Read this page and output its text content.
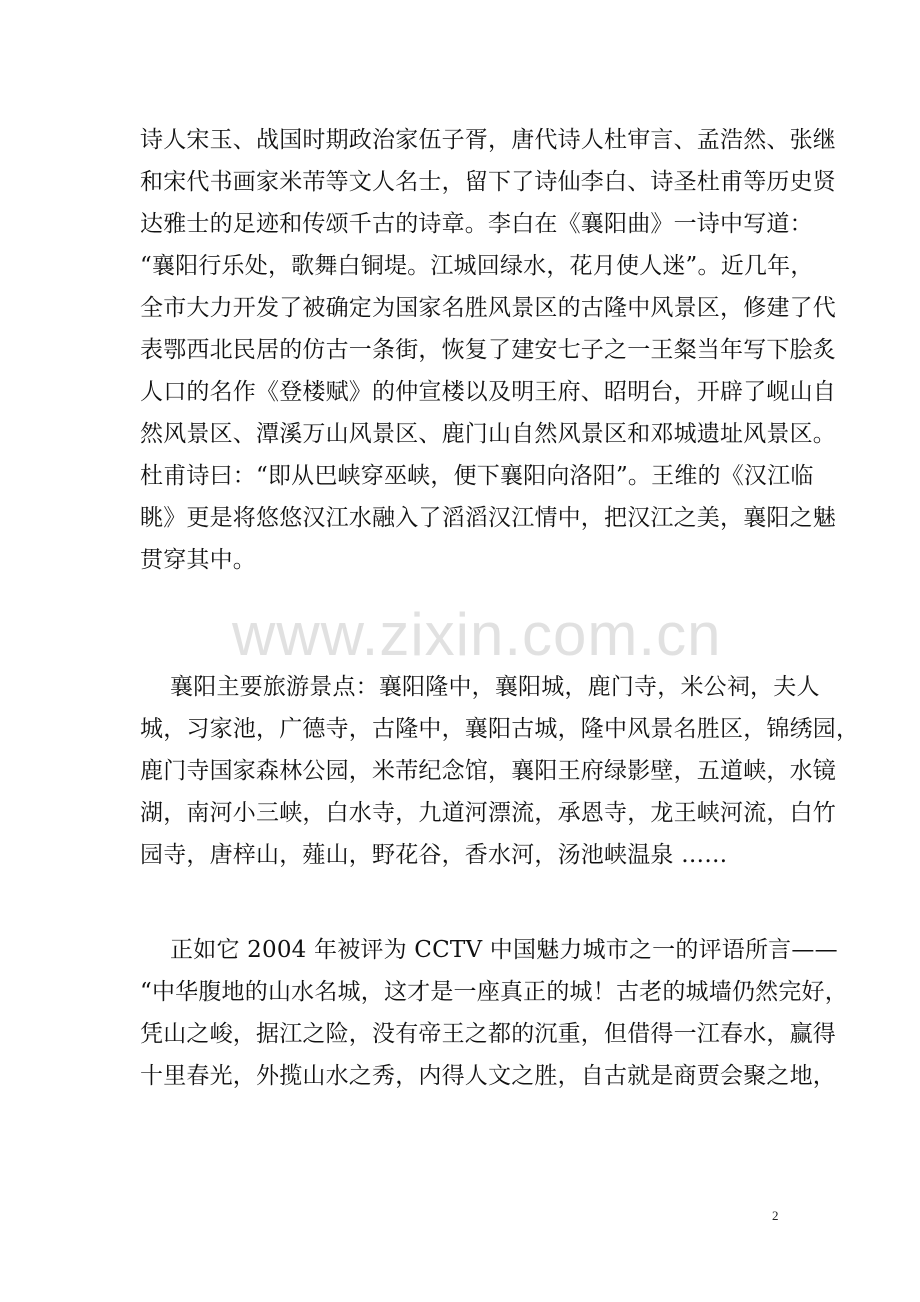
www.zixin.com.cn
诗人宋玉、战国时期政治家伍子胥，唐代诗人杜审言、孟浩然、张继
和宋代书画家米芾等文人名士，留下了诗仙李白、诗圣杜甫等历史贤
达雅士的足迹和传颂千古的诗章。李白在《襄阳曲》一诗中写道：
“襄阳行乐处，歌舞白铜堤。江城回绿水，花月使人迷”。近几年，
全市大力开发了被确定为国家名胜风景区的古隆中风景区，修建了代
表鄂西北民居的仿古一条街，恢复了建安七子之一王粲当年写下脍炙
人口的名作《登楼赋》的仲宣楼以及明王府、昭明台，开辟了岘山自
然风景区、潭溪万山风景区、鹿门山自然风景区和邓城遗址风景区。
杜甫诗曰：“即从巴峡穿巫峡，便下襄阳向洛阳”。王维的《汉江临
眺》更是将悠悠汉江水融入了滔滔汉江情中，把汉江之美，襄阳之魅
贯穿其中。
襄阳主要旅游景点：襄阳隆中，襄阳城，鹿门寺，米公祠，夫人
城，习家池，广德寺，古隆中，襄阳古城，隆中风景名胜区，锦绣园，
鹿门寺国家森林公园，米芾纪念馆，襄阳王府绿影壁，五道峡，水镜
湖，南河小三峡，白水寺，九道河漂流，承恩寺，龙王峡河流，白竹
园寺，唐梓山，薤山，野花谷，香水河，汤池峡温泉 ……
正如它 2004 年被评为 CCTV 中国魅力城市之一的评语所言——
“中华腹地的山水名城，这才是一座真正的城！古老的城墙仍然完好，
凭山之峻，据江之险，没有帝王之都的沉重，但借得一江春水，赢得
十里春光，外揽山水之秀，内得人文之胜，自古就是商贾会聚之地，
2
